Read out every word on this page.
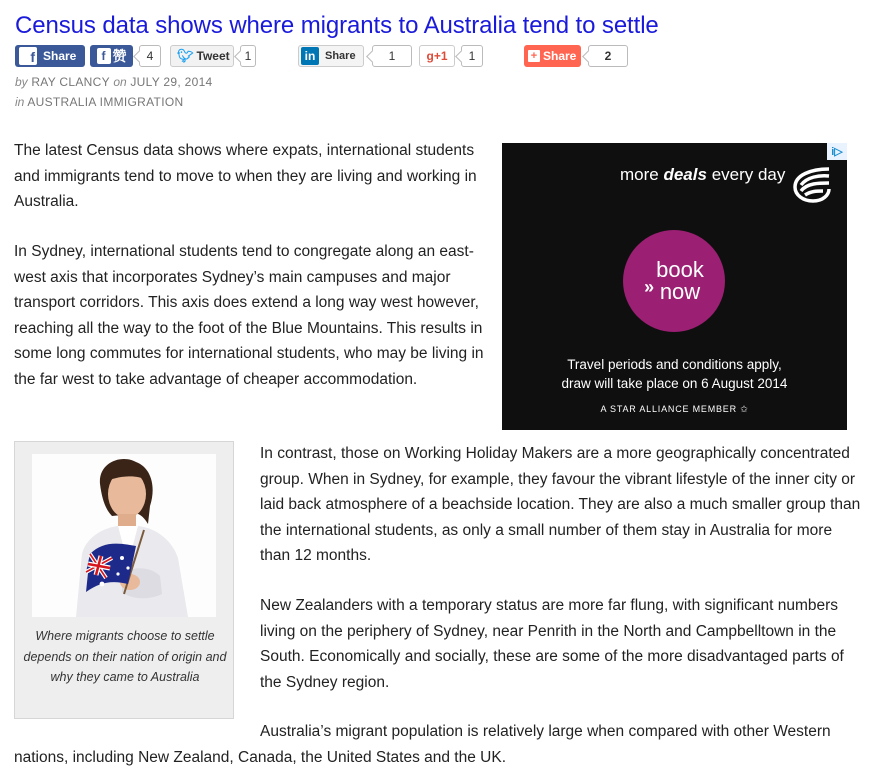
Census data shows where migrants to Australia tend to settle
f Share	f 赞	4	🐦︎ Tweet	1	in Share	1	g+1	1	+ Share	2
by RAY CLANCY on JULY 29, 2014
in AUSTRALIA IMMIGRATION

The latest Census data shows where expats, international students and immigrants tend to move to when they are living and working in Australia.

In Sydney, international students tend to congregate along an east-west axis that incorporates Sydney’s main campuses and major transport corridors. This axis does extend a long way west however, reaching all the way to the foot of the Blue Mountains. This results in some long commutes for international students, who may be living in the far west to take advantage of cheaper accommodation.

i▷
more deals every day
»
book
now
Travel periods and conditions apply,
draw will take place on 6 August 2014
A STAR ALLIANCE MEMBER ✩

Where migrants choose to settle depends on their nation of origin and why they came to Australia

In contrast, those on Working Holiday Makers are a more geographically concentrated group. When in Sydney, for example, they favour the vibrant lifestyle of the inner city or laid back atmosphere of a beachside location. They are also a much smaller group than the international students, as only a small number of them stay in Australia for more than 12 months.

New Zealanders with a temporary status are more far flung, with significant numbers living on the periphery of Sydney, near Penrith in the North and Campbelltown in the South. Economically and socially, these are some of the more disadvantaged parts of the Sydney region.

Australia’s migrant population is relatively large when compared with other Western nations, including New Zealand, Canada, the United States and the UK.
